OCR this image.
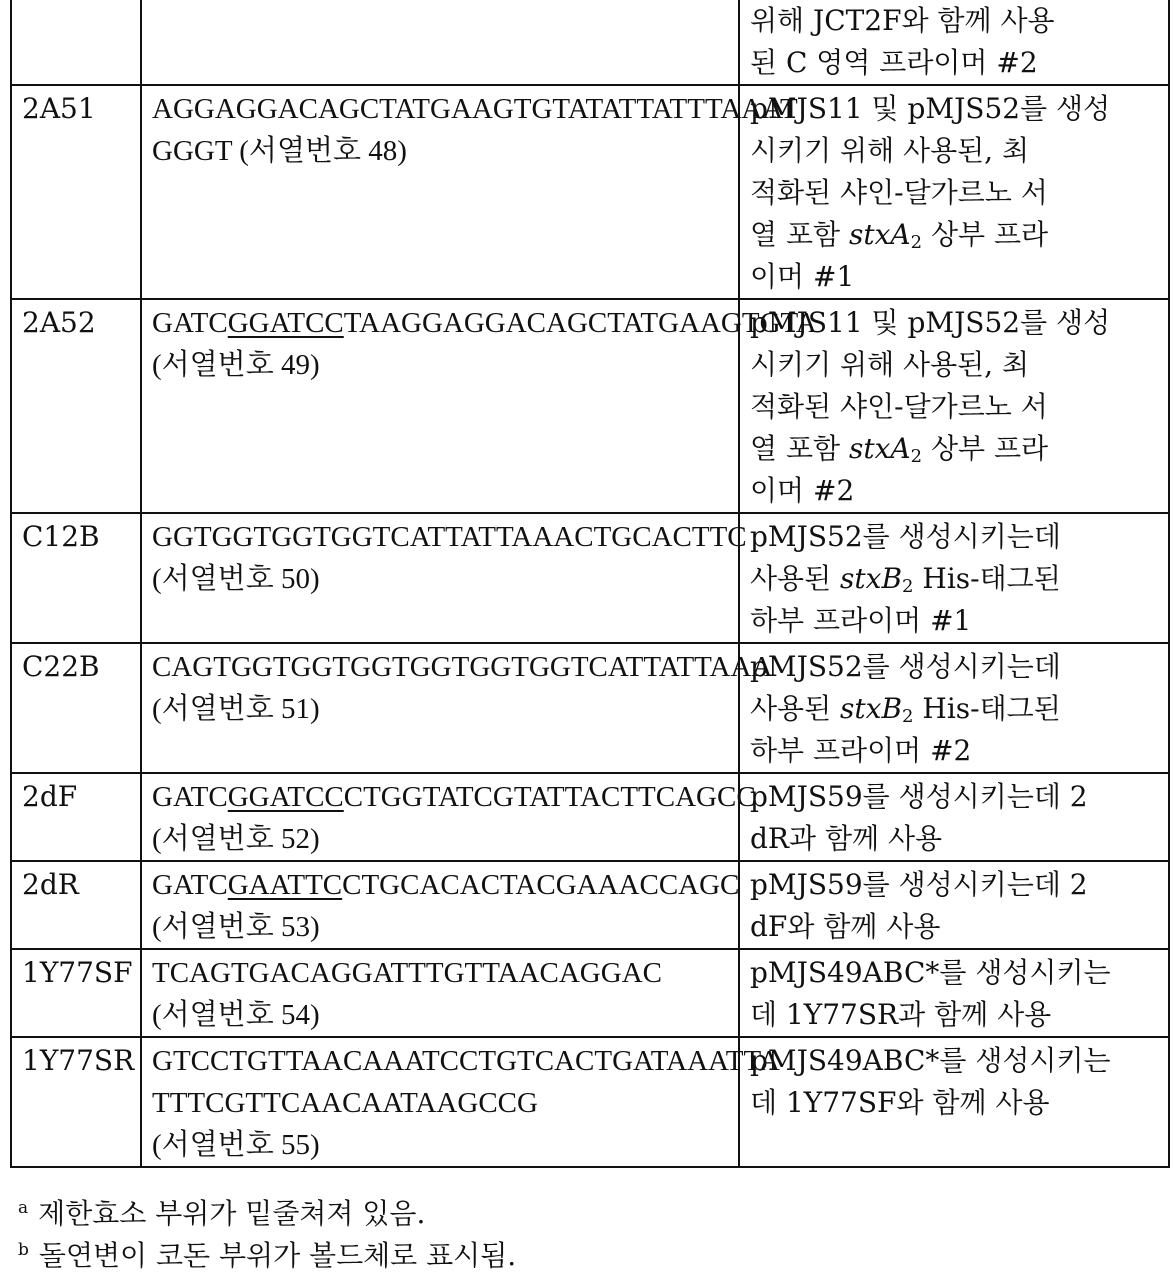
위해 JCT2F와 함께 사용
된 C 영역 프라이머 #2

2A51	AGGAGGACAGCTATGAAGTGTATATTATTTAAAT
GGGT (서열번호 48)

pMJS11 및 pMJS52를 생성
시키기 위해 사용된, 최
적화된 샤인-달가르노 서
열 포함 stxA2 상부 프라
이머 #1

2A52	GATCGGATCCTAAGGAGGACAGCTATGAAGTGTA
(서열번호 49)

pMJS11 및 pMJS52를 생성
시키기 위해 사용된, 최
적화된 샤인-달가르노 서
열 포함 stxA2 상부 프라
이머 #2

C12B	GGTGGTGGTGGTCATTATTAAACTGCACTTC
(서열번호 50)

pMJS52를 생성시키는데
사용된 stxB2 His-태그된
하부 프라이머 #1

C22B	CAGTGGTGGTGGTGGTGGTGGTCATTATTAAA
(서열번호 51)

pMJS52를 생성시키는데
사용된 stxB2 His-태그된
하부 프라이머 #2

2dF	GATCGGATCCCTGGTATCGTATTACTTCAGCC
(서열번호 52)

pMJS59를 생성시키는데 2
dR과 함께 사용

2dR	GATCGAATTCCTGCACACTACGAAACCAGC
(서열번호 53)

pMJS59를 생성시키는데 2
dF와 함께 사용

1Y77SF	TCAGTGACAGGATTTGTTAACAGGAC
(서열번호 54)

pMJS49ABC*를 생성시키는
데 1Y77SR과 함께 사용

1Y77SR	GTCCTGTTAACAAATCCTGTCACTGATAAATTA
TTTCGTTCAACAATAAGCCG
(서열번호 55)

pMJS49ABC*를 생성시키는
데 1Y77SF와 함께 사용
a 제한효소 부위가 밑줄쳐져 있음.
b 돌연변이 코돈 부위가 볼드체로 표시됨.
